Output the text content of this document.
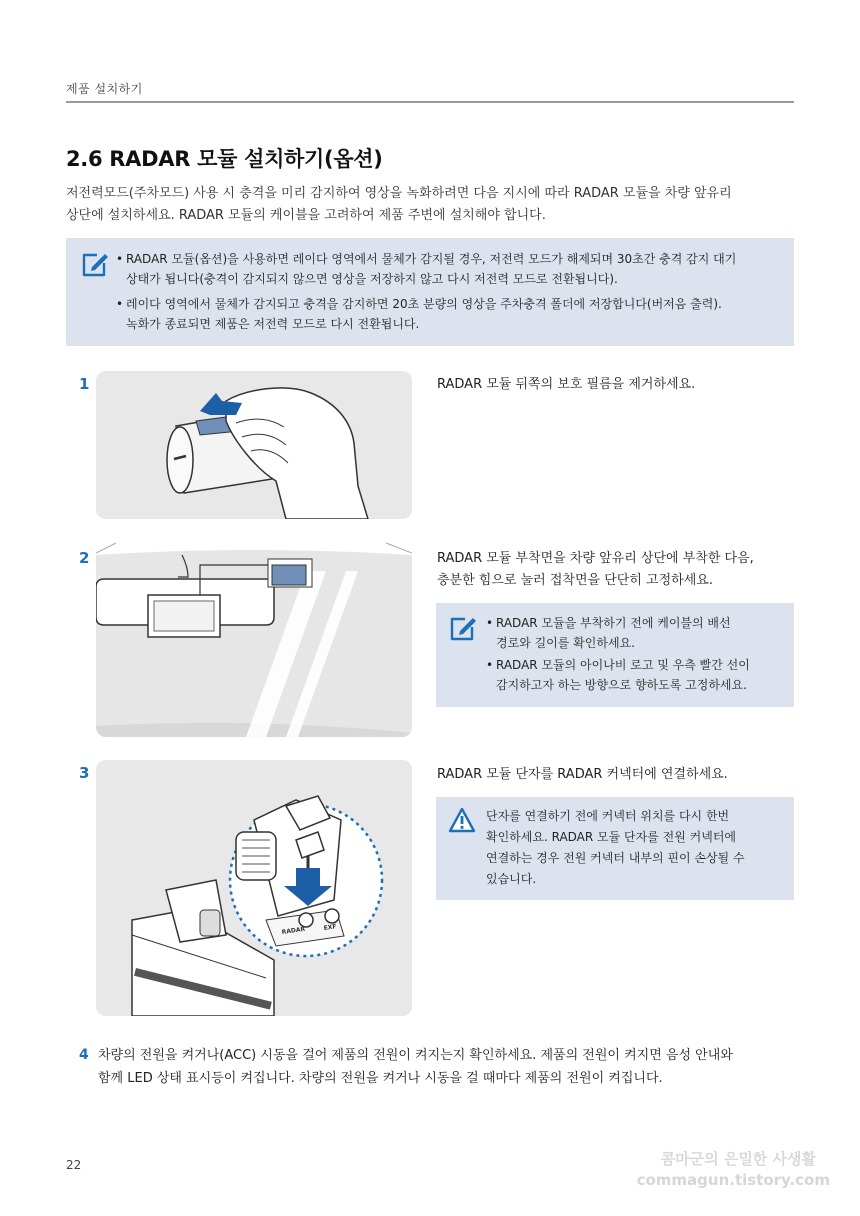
제품 설치하기
2.6 RADAR 모듈 설치하기(옵션)

저전력모드(주차모드) 사용 시 충격을 미리 감지하여 영상을 녹화하려면 다음 지시에 따라 RADAR 모듈을 차량 앞유리

상단에 설치하세요. RADAR 모듈의 케이블을 고려하여 제품 주변에 설치해야 합니다.

• RADAR 모듈(옵션)을 사용하면 레이다 영역에서 물체가 감지될 경우, 저전력 모드가 해제되며 30초간 충격 감지 대기
상태가 됩니다(충격이 감지되지 않으면 영상을 저장하지 않고 다시 저전력 모드로 전환됩니다).
• 레이다 영역에서 물체가 감지되고 충격을 감지하면 20초 분량의 영상을 주차충격 폴더에 저장합니다(버저음 출력).
녹화가 종료되면 제품은 저전력 모드로 다시 전환됩니다.
1	RADAR 모듈 뒤쪽의 보호 필름을 제거하세요.

2	RADAR 모듈 부착면을 차량 앞유리 상단에 부착한 다음,

충분한 힘으로 눌러 접착면을 단단히 고정하세요.

• RADAR 모듈을 부착하기 전에 케이블의 배선
경로와 길이를 확인하세요.
• RADAR 모듈의 아이나비 로고 및 우측 빨간 선이
감지하고자 하는 방향으로 향하도록 고정하세요.
3
RADAR	EXF

RADAR 모듈 단자를 RADAR 커넥터에 연결하세요.

단자를 연결하기 전에 커넥터 위치를 다시 한번
확인하세요. RADAR 모듈 단자를 전원 커넥터에
연결하는 경우 전원 커넥터 내부의 핀이 손상될 수
있습니다.
4 차량의 전원을 켜거나(ACC) 시동을 걸어 제품의 전원이 켜지는지 확인하세요. 제품의 전원이 켜지면 음성 안내와

함께 LED 상태 표시등이 켜집니다. 차량의 전원을 켜거나 시동을 걸 때마다 제품의 전원이 켜집니다.

22	콤마군의 은밀한 사생활
commagun.tistory.com
